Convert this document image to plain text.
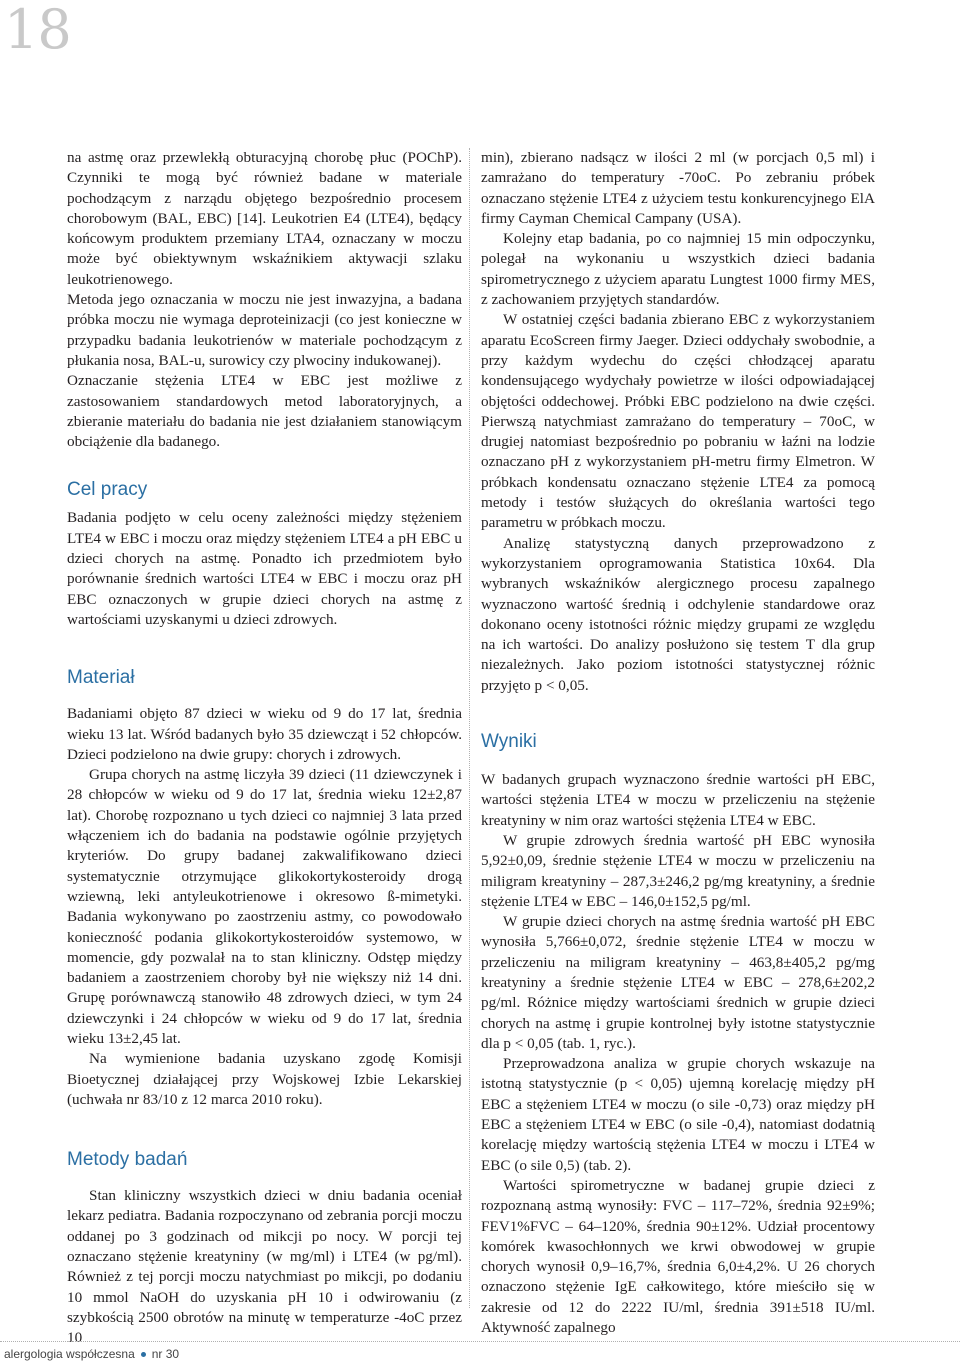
18

na astmę oraz przewlekłą obturacyjną chorobę płuc (POChP). Czynniki te mogą być również badane w materiale pochodzącym z narządu objętego bezpośrednio procesem chorobowym (BAL, EBC) [14]. Leukotrien E4 (LTE4), będący końcowym produktem przemiany LTA4, oznaczany w moczu może być obiektywnym wskaźnikiem aktywacji szlaku leukotrienowego.

Metoda jego oznaczania w moczu nie jest inwazyjna, a badana próbka moczu nie wymaga deproteinizacji (co jest konieczne w przypadku badania leukotrienów w materiale pochodzącym z płukania nosa, BAL-u, surowicy czy plwociny indukowanej).

Oznaczanie stężenia LTE4 w EBC jest możliwe z zastosowaniem standardowych metod laboratoryjnych, a zbieranie materiału do badania nie jest działaniem stanowiącym obciążenie dla badanego.

Cel pracy

Badania podjęto w celu oceny zależności między stężeniem LTE4 w EBC i moczu oraz między stężeniem LTE4 a pH EBC u dzieci chorych na astmę. Ponadto ich przedmiotem było porównanie średnich wartości LTE4 w EBC i moczu oraz pH EBC oznaczonych w grupie dzieci chorych na astmę z wartościami uzyskanymi u dzieci zdrowych.

Materiał

Badaniami objęto 87 dzieci w wieku od 9 do 17 lat, średnia wieku 13 lat. Wśród badanych było 35 dziewcząt i 52 chłopców. Dzieci podzielono na dwie grupy: chorych i zdrowych.

Grupa chorych na astmę liczyła 39 dzieci (11 dziewczynek i 28 chłopców w wieku od 9 do 17 lat, średnia wieku 12±2,87 lat). Chorobę rozpoznano u tych dzieci co najmniej 3 lata przed włączeniem ich do badania na podstawie ogólnie przyjętych kryteriów. Do grupy badanej zakwalifikowano dzieci systematycznie otrzymujące glikokortykosteroidy drogą wziewną, leki antyleukotrienowe i okresowo ß-mimetyki. Badania wykonywano po zaostrzeniu astmy, co powodowało konieczność podania glikokortykosteroidów systemowo, w momencie, gdy pozwalał na to stan kliniczny. Odstęp między badaniem a zaostrzeniem choroby był nie większy niż 14 dni. Grupę porównawczą stanowiło 48 zdrowych dzieci, w tym 24 dziewczynki i 24 chłopców w wieku od 9 do 17 lat, średnia wieku 13±2,45 lat.

Na wymienione badania uzyskano zgodę Komisji Bioetycznej działającej przy Wojskowej Izbie Lekarskiej (uchwała nr 83/10 z 12 marca 2010 roku).

Metody badań

Stan kliniczny wszystkich dzieci w dniu badania oceniał lekarz pediatra. Badania rozpoczynano od zebrania porcji moczu oddanej po 3 godzinach od mikcji po nocy. W porcji tej oznaczano stężenie kreatyniny (w mg/ml) i LTE4 (w pg/ml). Również z tej porcji moczu natychmiast po mikcji, po dodaniu 10 mmol NaOH do uzyskania pH 10 i odwirowaniu (z szybkością 2500 obrotów na minutę w temperaturze -4oC przez 10

min), zbierano nadsącz w ilości 2 ml (w porcjach 0,5 ml) i zamrażano do temperatury -70oC. Po zebraniu próbek oznaczano stężenie LTE4 z użyciem testu konkurencyjnego ElA firmy Cayman Chemical Campany (USA).

Kolejny etap badania, po co najmniej 15 min odpoczynku, polegał na wykonaniu u wszystkich dzieci badania spirometrycznego z użyciem aparatu Lungtest 1000 firmy MES, z zachowaniem przyjętych standardów.

W ostatniej części badania zbierano EBC z wykorzystaniem aparatu EcoScreen firmy Jaeger. Dzieci oddychały swobodnie, a przy każdym wydechu do części chłodzącej aparatu kondensującego wydychały powietrze w ilości odpowiadającej objętości oddechowej. Próbki EBC podzielono na dwie części. Pierwszą natychmiast zamrażano do temperatury – 70oC, w drugiej natomiast bezpośrednio po pobraniu w łaźni na lodzie oznaczano pH z wykorzystaniem pH-metru firmy Elmetron. W próbkach kondensatu oznaczano stężenie LTE4 za pomocą metody i testów służących do określania wartości tego parametru w próbkach moczu.

Analizę statystyczną danych przeprowadzono z wykorzystaniem oprogramowania Statistica 10x64. Dla wybranych wskaźników alergicznego procesu zapalnego wyznaczono wartość średnią i odchylenie standardowe oraz dokonano oceny istotności różnic między grupami ze względu na ich wartości. Do analizy posłużono się testem T dla grup niezależnych. Jako poziom istotności statystycznej różnic przyjęto p < 0,05.

Wyniki

W badanych grupach wyznaczono średnie wartości pH EBC, wartości stężenia LTE4 w moczu w przeliczeniu na stężenie kreatyniny w nim oraz wartości stężenia LTE4 w EBC.

W grupie zdrowych średnia wartość pH EBC wynosiła 5,92±0,09, średnie stężenie LTE4 w moczu w przeliczeniu na miligram kreatyniny – 287,3±246,2 pg/mg kreatyniny, a średnie stężenie LTE4 w EBC – 146,0±152,5 pg/ml.

W grupie dzieci chorych na astmę średnia wartość pH EBC wynosiła 5,766±0,072, średnie stężenie LTE4 w moczu w przeliczeniu na miligram kreatyniny – 463,8±405,2 pg/mg kreatyniny a średnie stężenie LTE4 w EBC – 278,6±202,2 pg/ml. Różnice między wartościami średnich w grupie dzieci chorych na astmę i grupie kontrolnej były istotne statystycznie dla p < 0,05 (tab. 1, ryc.).

Przeprowadzona analiza w grupie chorych wskazuje na istotną statystycznie (p < 0,05) ujemną korelację między pH EBC a stężeniem LTE4 w moczu (o sile -0,73) oraz między pH EBC a stężeniem LTE4 w EBC (o sile -0,4), natomiast dodatnią korelację między wartością stężenia LTE4 w moczu i LTE4 w EBC (o sile 0,5) (tab. 2).

Wartości spirometryczne w badanej grupie dzieci z rozpoznaną astmą wynosiły: FVC – 117–72%, średnia 92±9%; FEV1%FVC – 64–120%, średnia 90±12%. Udział procentowy komórek kwasochłonnych we krwi obwodowej w grupie chorych wynosił 0,9–16,7%, średnia 6,0±4,2%. U 26 chorych oznaczono stężenie IgE całkowitego, które mieściło się w zakresie od 12 do 2222 IU/ml, średnia 391±518 IU/ml. Aktywność zapalnego

alergologia współczesna nr 30
